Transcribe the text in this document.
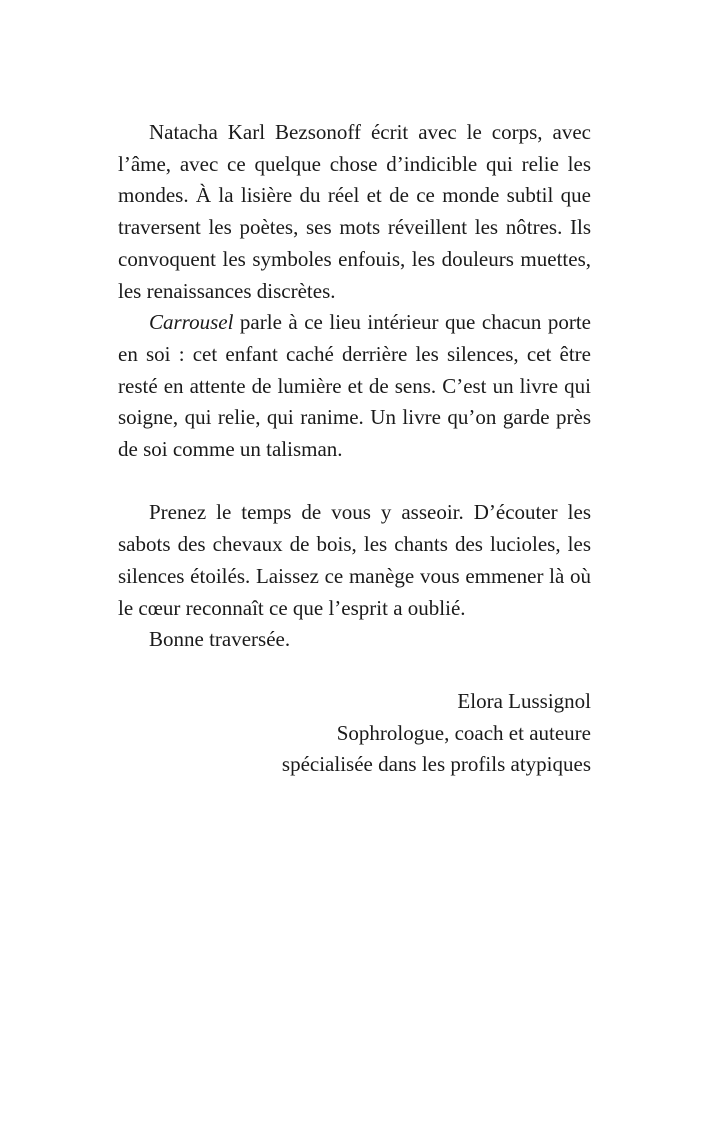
Natacha Karl Bezsonoff écrit avec le corps, avec l’âme, avec ce quelque chose d’indicible qui relie les mondes. À la lisière du réel et de ce monde subtil que traversent les poètes, ses mots réveillent les nôtres. Ils convoquent les symboles enfouis, les douleurs muettes, les renaissances discrètes.

Carrousel parle à ce lieu intérieur que chacun porte en soi : cet enfant caché derrière les silences, cet être resté en attente de lumière et de sens. C’est un livre qui soigne, qui relie, qui ranime. Un livre qu’on garde près de soi comme un talisman.

Prenez le temps de vous y asseoir. D’écouter les sabots des chevaux de bois, les chants des lucioles, les silences étoilés. Laissez ce manège vous emmener là où le cœur reconnaît ce que l’esprit a oublié.

Bonne traversée.

Elora Lussignol
Sophrologue, coach et auteure
spécialisée dans les profils atypiques
